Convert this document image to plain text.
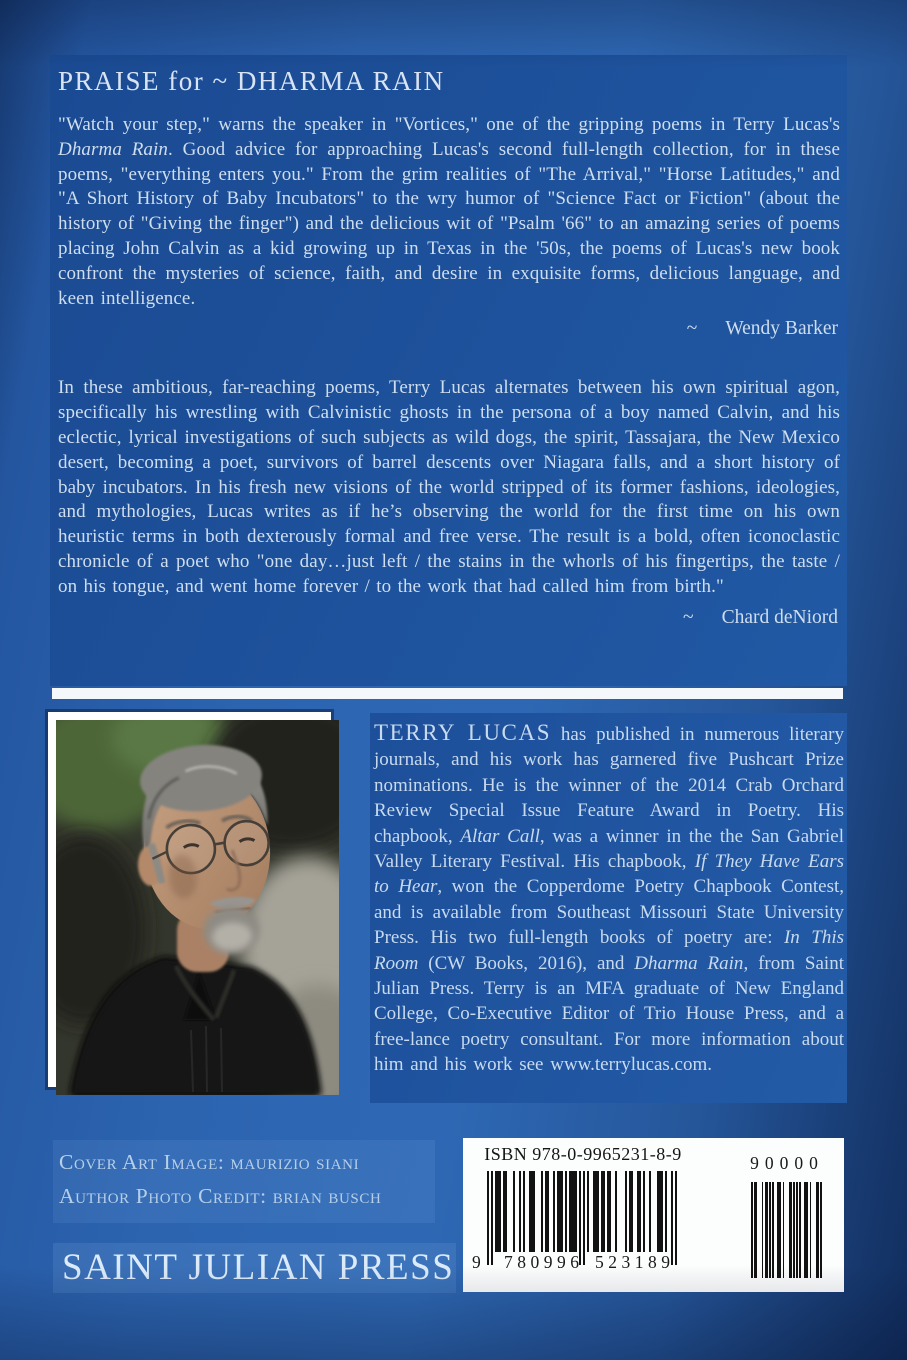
PRAISE for ~ DHARMA RAIN

"Watch your step," warns the speaker in "Vortices," one of the gripping poems in Terry Lucas's Dharma Rain. Good advice for approaching Lucas's second full-length collection, for in these poems, "everything enters you." From the grim realities of "The Arrival," "Horse Latitudes," and "A Short History of Baby Incubators" to the wry humor of "Science Fact or Fiction" (about the history of "Giving the finger") and the delicious wit of "Psalm '66" to an amazing series of poems placing John Calvin as a kid growing up in Texas in the '50s, the poems of Lucas's new book confront the mysteries of science, faith, and desire in exquisite forms, delicious language, and keen intelligence.

~ Wendy Barker

In these ambitious, far-reaching poems, Terry Lucas alternates between his own spiritual agon, specifically his wrestling with Calvinistic ghosts in the persona of a boy named Calvin, and his eclectic, lyrical investigations of such subjects as wild dogs, the spirit, Tassajara, the New Mexico desert, becoming a poet, survivors of barrel descents over Niagara falls, and a short history of baby incubators. In his fresh new visions of the world stripped of its former fashions, ideologies, and mythologies, Lucas writes as if he’s observing the world for the first time on his own heuristic terms in both dexterously formal and free verse. The result is a bold, often iconoclastic chronicle of a poet who "one day…just left / the stains in the whorls of his fingertips, the taste / on his tongue, and went home forever / to the work that had called him from birth."

~ Chard deNiord

TERRY LUCAS has published in numerous literary journals, and his work has garnered five Pushcart Prize nominations. He is the winner of the 2014 Crab Orchard Review Special Issue Feature Award in Poetry. His chapbook, Altar Call, was a winner in the the San Gabriel Valley Literary Festival. His chapbook, If They Have Ears to Hear, won the Copperdome Poetry Chapbook Contest, and is available from Southeast Missouri State University Press. His two full-length books of poetry are: In This Room (CW Books, 2016), and Dharma Rain, from Saint Julian Press. Terry is an MFA graduate of New England College, Co-Executive Editor of Trio House Press, and a free-lance poetry consultant. For more information about him and his work see www.terrylucas.com.

Cover Art Image: maurizio siani
Author Photo Credit: brian busch
SAINT JULIAN PRESS
ISBN 978-0-9965231-8-9
9 780996 523189
90000
